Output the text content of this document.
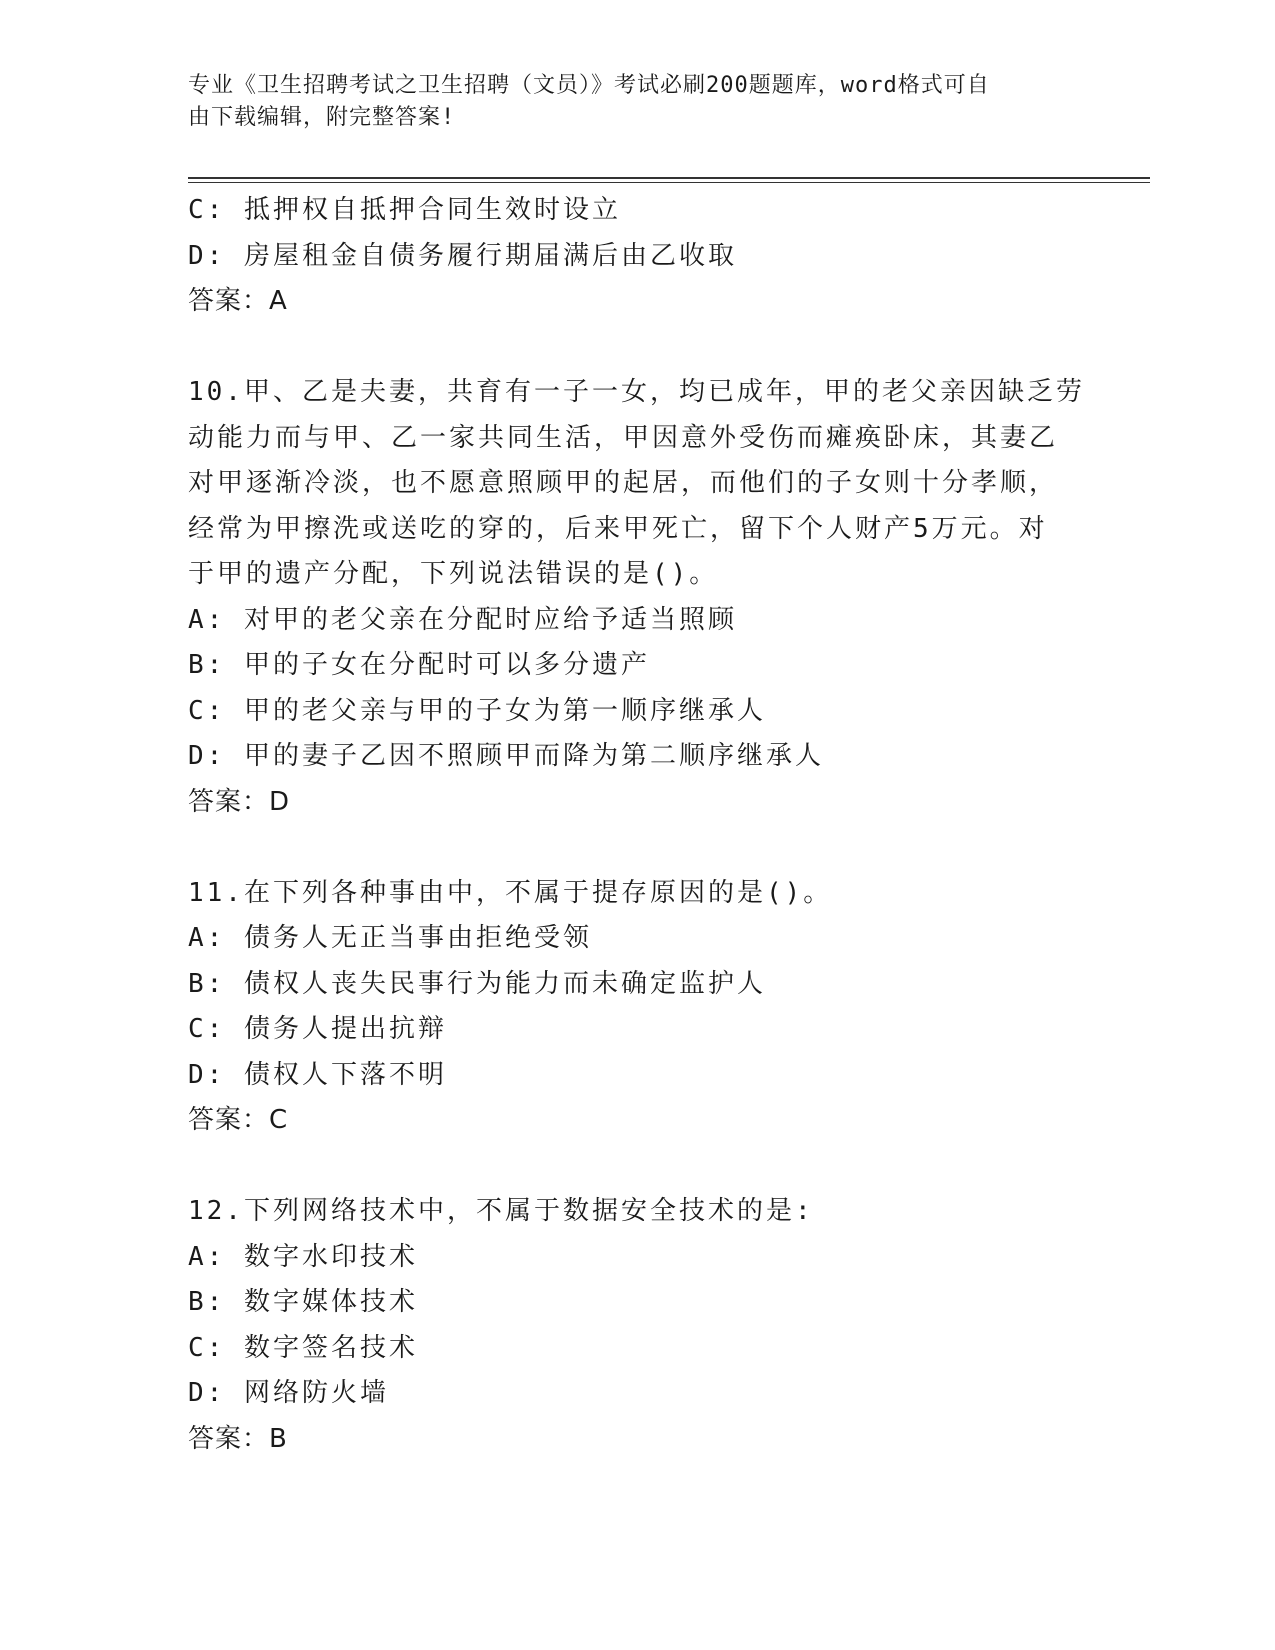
专业《卫生招聘考试之卫生招聘（文员）》考试必刷200题题库，word格式可自
由下载编辑，附完整答案!
C: 抵押权自抵押合同生效时设立
D: 房屋租金自债务履行期届满后由乙收取
答案：A
10.甲、乙是夫妻，共育有一子一女，均已成年，甲的老父亲因缺乏劳
动能力而与甲、乙一家共同生活，甲因意外受伤而瘫痪卧床，其妻乙
对甲逐渐冷淡，也不愿意照顾甲的起居，而他们的子女则十分孝顺，
经常为甲擦洗或送吃的穿的，后来甲死亡，留下个人财产5万元。对
于甲的遗产分配，下列说法错误的是()。
A: 对甲的老父亲在分配时应给予适当照顾
B: 甲的子女在分配时可以多分遗产
C: 甲的老父亲与甲的子女为第一顺序继承人
D: 甲的妻子乙因不照顾甲而降为第二顺序继承人
答案：D
11.在下列各种事由中，不属于提存原因的是()。
A: 债务人无正当事由拒绝受领
B: 债权人丧失民事行为能力而未确定监护人
C: 债务人提出抗辩
D: 债权人下落不明
答案：C
12.下列网络技术中，不属于数据安全技术的是:
A: 数字水印技术
B: 数字媒体技术
C: 数字签名技术
D: 网络防火墙
答案：B
